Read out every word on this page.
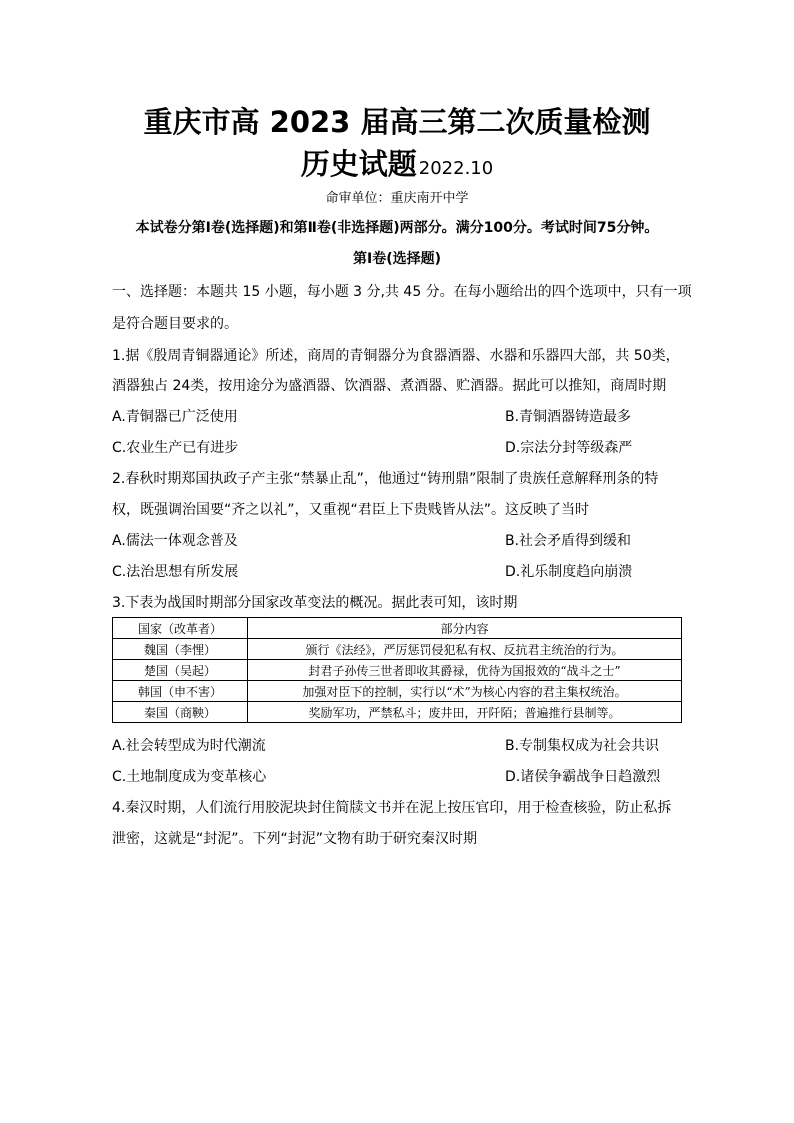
重庆市高 2023 届高三第二次质量检测
历史试题 2022.10
命审单位：重庆南开中学
本试卷分第Ⅰ卷(选择题)和第Ⅱ卷(非选择题)两部分。满分100分。考试时间75分钟。
第Ⅰ卷(选择题)
一、选择题：本题共 15 小题，每小题 3 分,共 45 分。在每小题给出的四个选项中，只有一项
是符合题目要求的。
1.据《殷周青铜器通论》所述，商周的青铜器分为食器酒器、水器和乐器四大部，共 50类，
酒器独占 24类，按用途分为盛酒器、饮酒器、煮酒器、贮酒器。据此可以推知，商周时期
A.青铜器已广泛使用	B.青铜酒器铸造最多
C.农业生产已有进步	D.宗法分封等级森严
2.春秋时期郑国执政子产主张“禁暴止乱”，他通过“铸刑鼎”限制了贵族任意解释刑条的特
权，既强调治国要“齐之以礼”，又重视“君臣上下贵贱皆从法”。这反映了当时
A.儒法一体观念普及	B.社会矛盾得到缓和
C.法治思想有所发展	D.礼乐制度趋向崩溃
3.下表为战国时期部分国家改革变法的概况。据此表可知，该时期
国家（改革者）	部分内容
魏国（李悝）	颁行《法经》，严厉惩罚侵犯私有权、反抗君主统治的行为。
楚国（吴起）	封君子孙传三世者即收其爵禄，优待为国报效的“战斗之士”
韩国（申不害）	加强对臣下的控制，实行以“术”为核心内容的君主集权统治。
秦国（商鞅）	奖励军功，严禁私斗；废井田，开阡陌；普遍推行县制等。
A.社会转型成为时代潮流	B.专制集权成为社会共识
C.土地制度成为变革核心	D.诸侯争霸战争日趋激烈
4.秦汉时期，人们流行用胶泥块封住简牍文书并在泥上按压官印，用于检查核验，防止私拆
泄密，这就是“封泥”。下列“封泥”文物有助于研究秦汉时期
